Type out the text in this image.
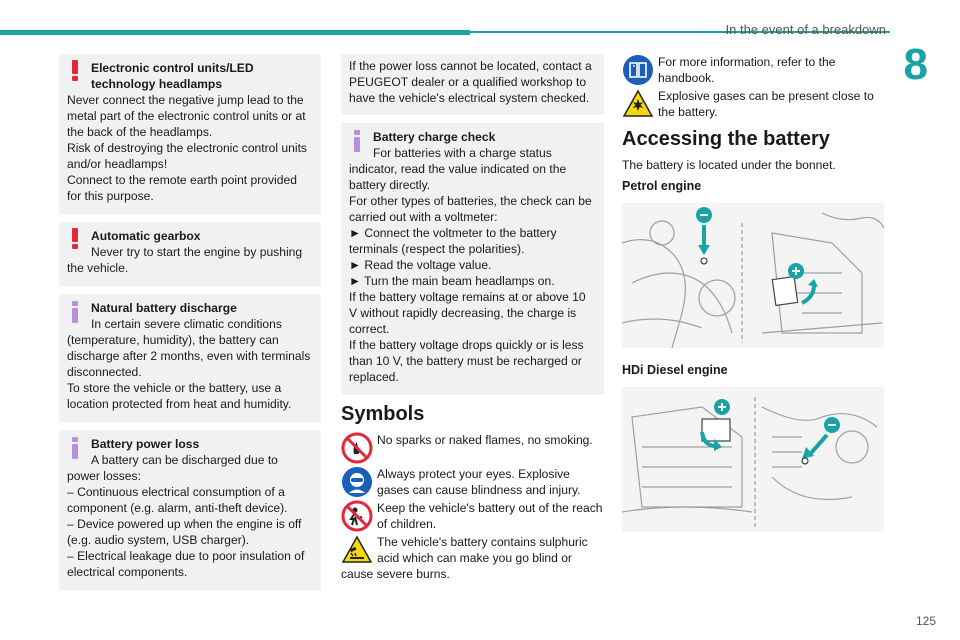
In the event of a breakdown
8
Electronic control units/LED technology headlamps
Never connect the negative jump lead to the metal part of the electronic control units or at the back of the headlamps.
Risk of destroying the electronic control units and/or headlamps!
Connect to the remote earth point provided for this purpose.
Automatic gearbox
Never try to start the engine by pushing the vehicle.
Natural battery discharge
In certain severe climatic conditions (temperature, humidity), the battery can discharge after 2 months, even with terminals disconnected.
To store the vehicle or the battery, use a location protected from heat and humidity.
Battery power loss
A battery can be discharged due to power losses:
– Continuous electrical consumption of a component (e.g. alarm, anti-theft device).
– Device powered up when the engine is off (e.g. audio system, USB charger).
– Electrical leakage due to poor insulation of electrical components.
If the power loss cannot be located, contact a PEUGEOT dealer or a qualified workshop to have the vehicle's electrical system checked.
Battery charge check
For batteries with a charge status indicator, read the value indicated on the battery directly.
For other types of batteries, the check can be carried out with a voltmeter:
► Connect the voltmeter to the battery terminals (respect the polarities).
► Read the voltage value.
► Turn the main beam headlamps on.
If the battery voltage remains at or above 10 V without rapidly decreasing, the charge is correct.
If the battery voltage drops quickly or is less than 10 V, the battery must be recharged or replaced.
Symbols
No sparks or naked flames, no smoking.
Always protect your eyes. Explosive gases can cause blindness and injury.
Keep the vehicle's battery out of the reach of children.
The vehicle's battery contains sulphuric acid which can make you go blind or cause severe burns.
For more information, refer to the handbook.
Explosive gases can be present close to the battery.
Accessing the battery
The battery is located under the bonnet.
Petrol engine
HDi Diesel engine
125
